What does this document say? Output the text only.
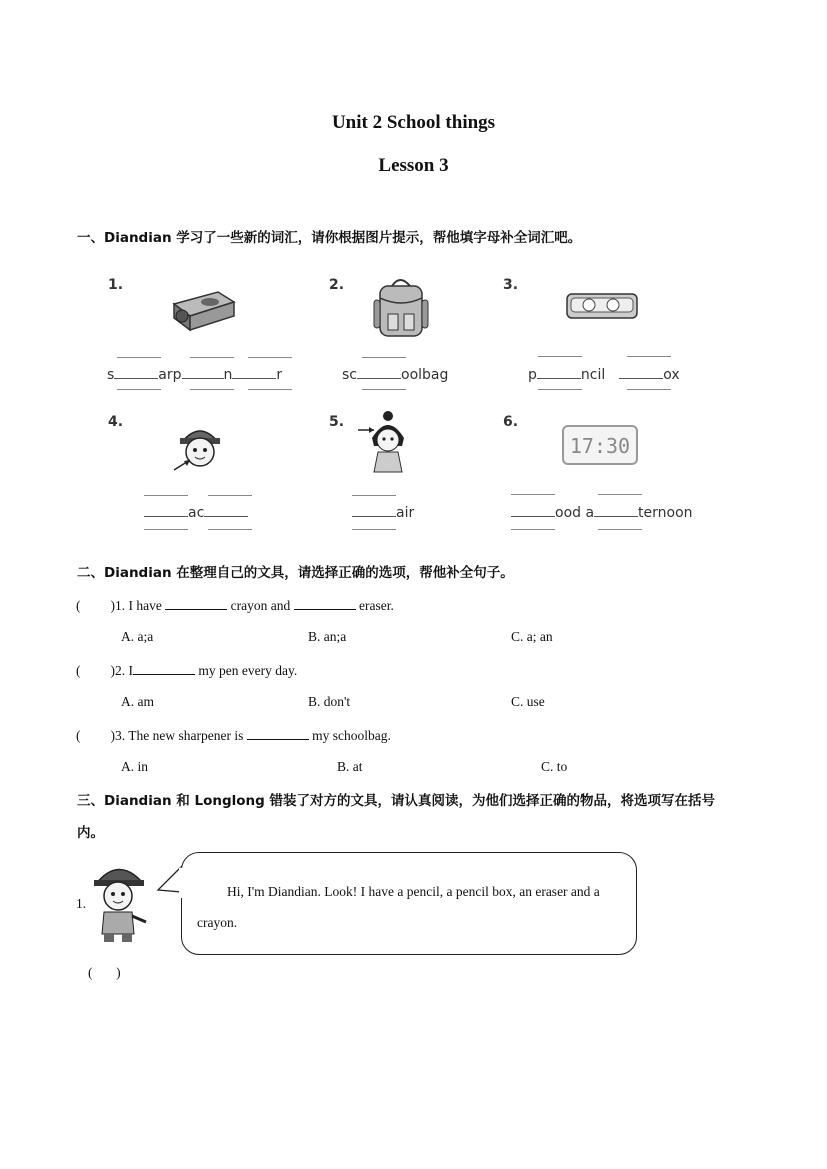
Unit 2 School things
Lesson 3
一、Diandian 学习了一些新的词汇，请你根据图片提示，帮他填字母补全词汇吧。
1.	2.	3.
4.	5.	6.
17:30
s	arp	n	r	sc	oolbag	p	ncil	ox
ac	air	ood a	ternoon
二、Diandian 在整理自己的文具，请选择正确的选项，帮他补全句子。
( )1. I have	crayon and	eraser.
A. a;a	B. an;a	C. a; an
( )2. I	my pen every day.
A. am	B. don't	C. use
( )3. The new sharpener is	my schoolbag.
A. in	B. at	C. to
三、Diandian 和 Longlong 错装了对方的文具，请认真阅读，为他们选择正确的物品，将选项写在括号
内。
1.
Hi, I'm Diandian. Look! I have a pencil, a pencil box, an eraser and a crayon.
(       )
